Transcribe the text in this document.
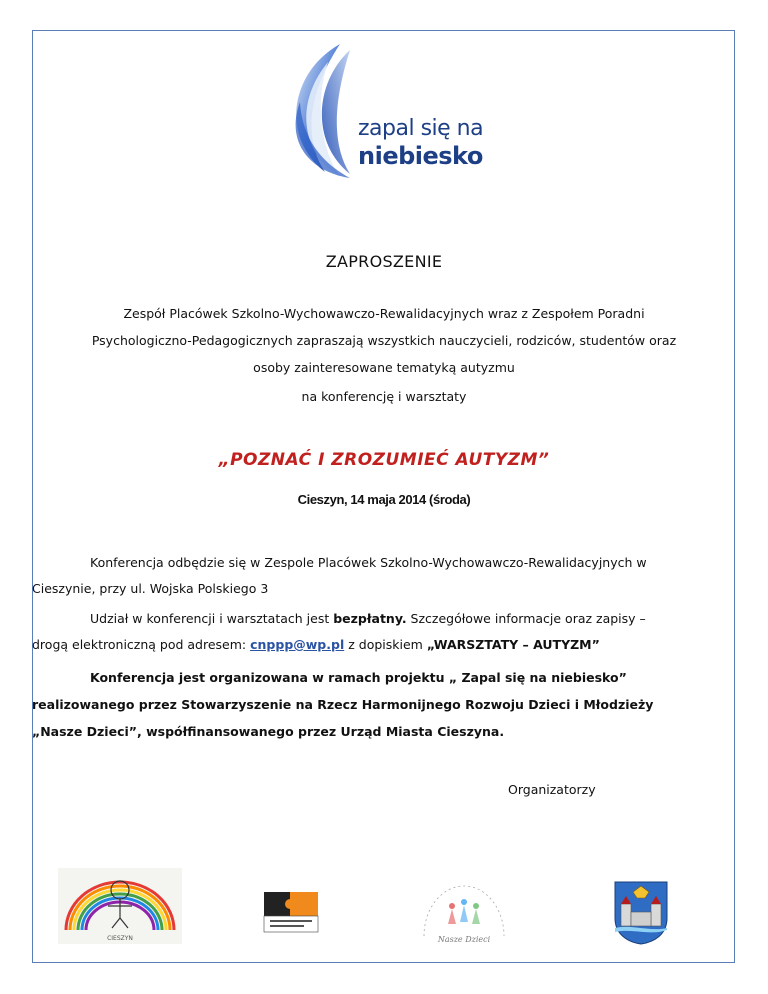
zapal się na
niebiesko
ZAPROSZENIE
Zespół Placówek Szkolno-Wychowawczo-Rewalidacyjnych wraz z Zespołem Poradni
Psychologiczno-Pedagogicznych zapraszają wszystkich nauczycieli, rodziców, studentów oraz
osoby zainteresowane tematyką autyzmu
na konferencję i warsztaty
„POZNAĆ I ZROZUMIEĆ AUTYZM”
Cieszyn, 14 maja 2014 (środa)
Konferencja odbędzie się w Zespole Placówek Szkolno-Wychowawczo-Rewalidacyjnych w
Cieszynie, przy ul. Wojska Polskiego 3
Udział w konferencji i warsztatach jest bezpłatny. Szczegółowe informacje oraz zapisy –
drogą elektroniczną pod adresem: cnppp@wp.pl z dopiskiem „WARSZTATY – AUTYZM”
Konferencja jest organizowana w ramach projektu „ Zapal się na niebiesko”
realizowanego przez Stowarzyszenie na Rzecz Harmonijnego Rozwoju Dzieci i Młodzieży
„Nasze Dzieci”, współfinansowanego przez Urząd Miasta Cieszyna.
Organizatorzy
CIESZYN	Nasze Dzieci
